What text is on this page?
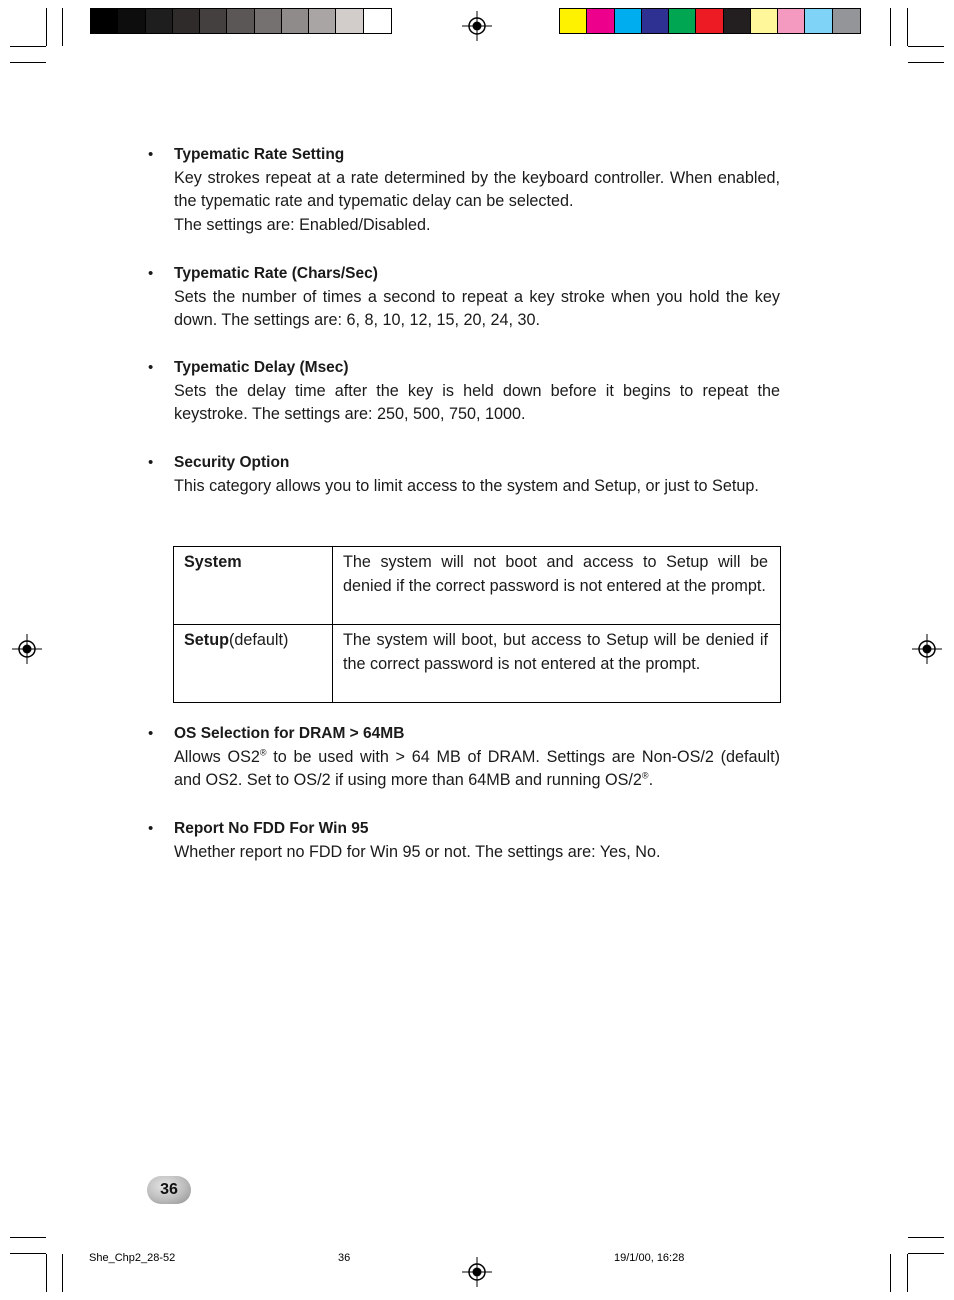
• Typematic Rate Setting
Key strokes repeat at a rate determined by the keyboard controller. When enabled, the typematic rate and typematic delay can be selected.
The settings are: Enabled/Disabled.
• Typematic Rate (Chars/Sec)
Sets the number of times a second to repeat a key stroke when you hold the key down. The settings are: 6, 8, 10, 12, 15, 20, 24, 30.
• Typematic Delay (Msec)
Sets the delay time after the key is held down before it begins to repeat the keystroke. The settings are: 250, 500, 750, 1000.
• Security Option
This category allows you to limit access to the system and Setup, or just to Setup.
System	The system will not boot and access to Setup will be denied if the correct password is not entered at the prompt.
Setup(default)	The system will boot, but access to Setup will be denied if the correct password is not entered at the prompt.
• OS Selection for DRAM > 64MB
Allows OS2® to be used with > 64 MB of DRAM. Settings are Non-OS/2 (default) and OS2. Set to OS/2 if using more than 64MB and running OS/2®.
• Report No FDD For Win 95
Whether report no FDD for Win 95 or not. The settings are: Yes, No.
36
She_Chp2_28-52	36	19/1/00, 16:28
